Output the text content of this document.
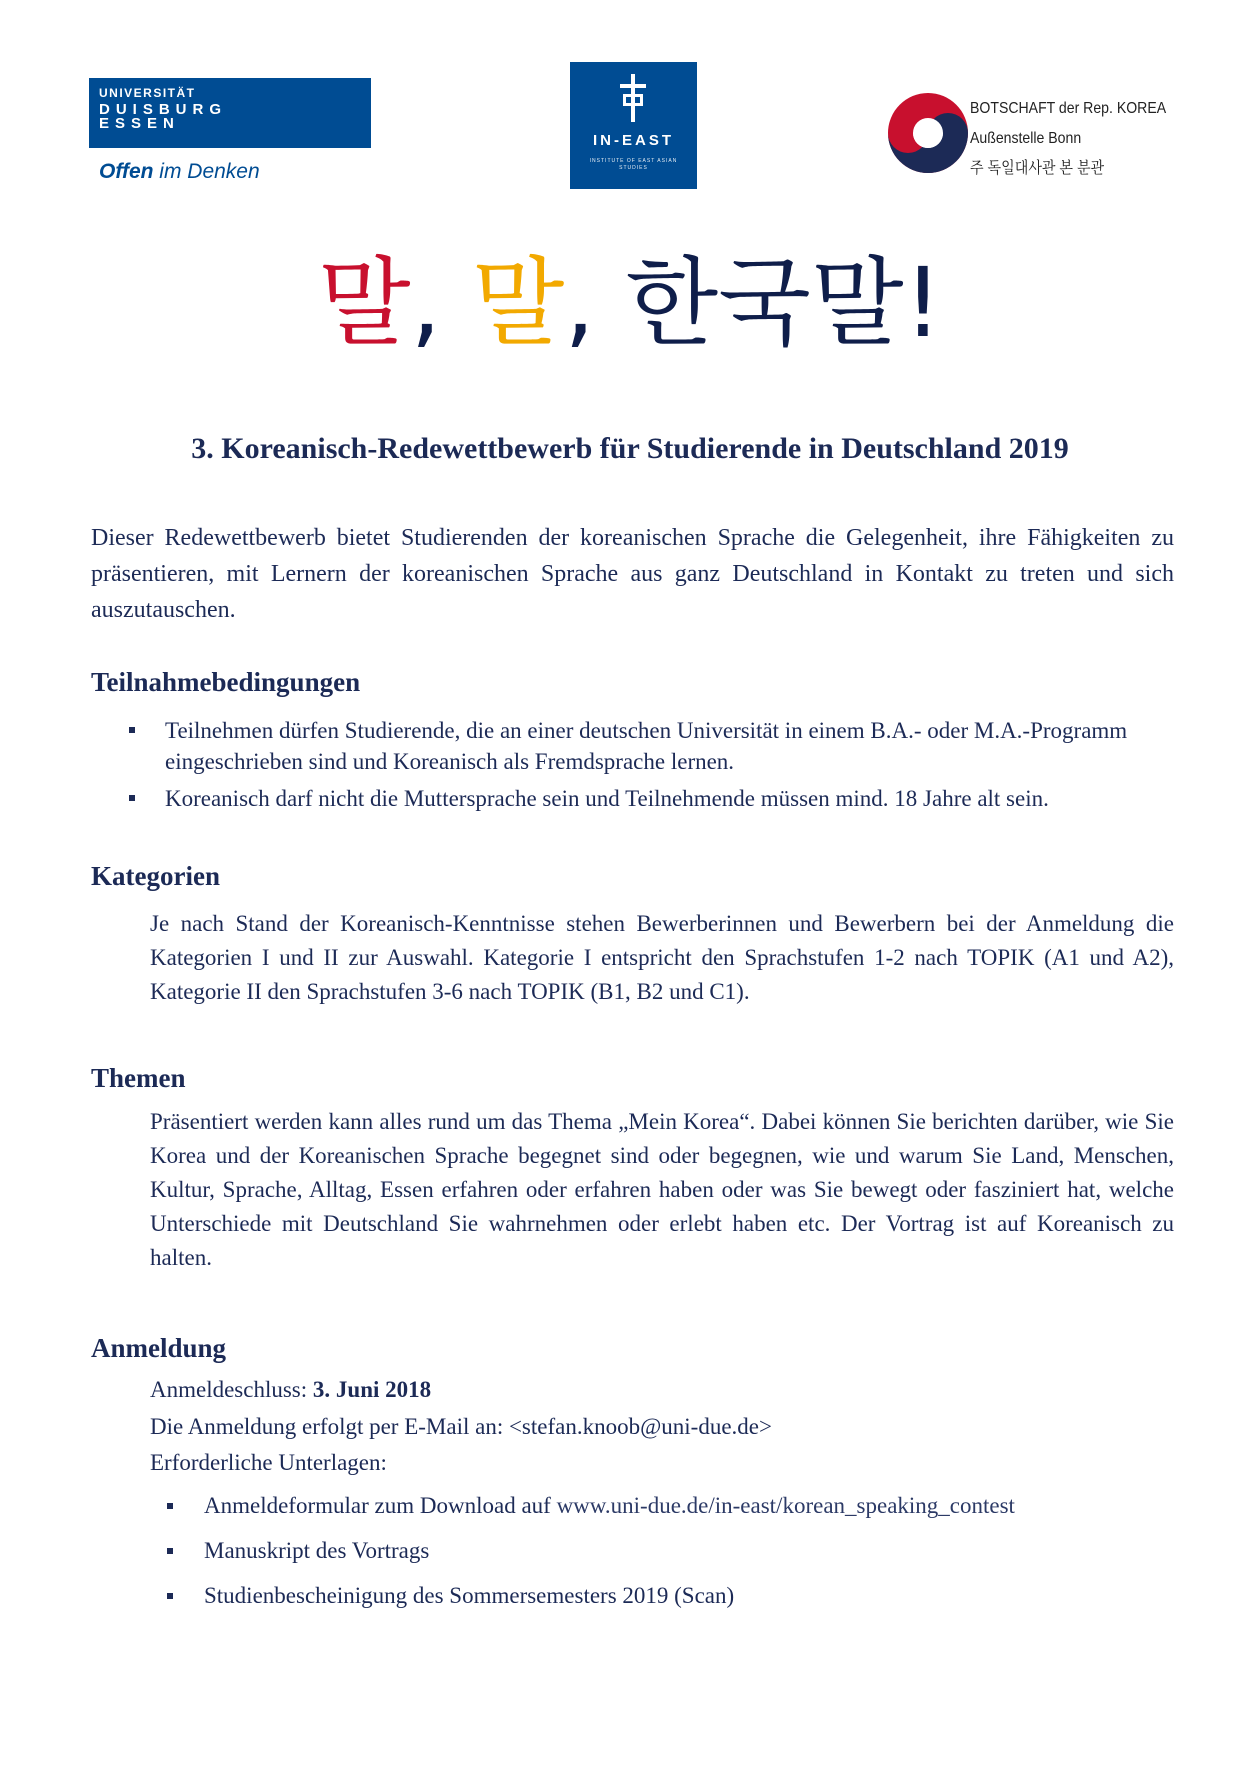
UNIVERSITÄT
DUISBURG
ESSEN
Offen im Denken
IN-EAST
INSTITUTE OF EAST ASIAN STUDIES
BOTSCHAFT der Rep. KOREA
Außenstelle Bonn
주 독일대사관 본 분관
말, 말, 한국말!
3. Koreanisch-Redewettbewerb für Studierende in Deutschland 2019
Dieser Redewettbewerb bietet Studierenden der koreanischen Sprache die Gelegenheit, ihre Fähigkeiten zu präsentieren, mit Lernern der koreanischen Sprache aus ganz Deutschland in Kontakt zu treten und sich auszutauschen.
Teilnahmebedingungen
Teilnehmen dürfen Studierende, die an einer deutschen Universität in einem B.A.- oder M.A.-Programm eingeschrieben sind und Koreanisch als Fremdsprache lernen.
Koreanisch darf nicht die Muttersprache sein und Teilnehmende müssen mind. 18 Jahre alt sein.
Kategorien
Je nach Stand der Koreanisch-Kenntnisse stehen Bewerberinnen und Bewerbern bei der Anmeldung die Kategorien I und II zur Auswahl. Kategorie I entspricht den Sprachstufen 1-2 nach TOPIK (A1 und A2), Kategorie II den Sprachstufen 3-6 nach TOPIK (B1, B2 und C1).
Themen
Präsentiert werden kann alles rund um das Thema „Mein Korea“. Dabei können Sie berichten darüber, wie Sie Korea und der Koreanischen Sprache begegnet sind oder begegnen, wie und warum Sie Land, Menschen, Kultur, Sprache, Alltag, Essen erfahren oder erfahren haben oder was Sie bewegt oder fasziniert hat, welche Unterschiede mit Deutschland Sie wahrnehmen oder erlebt haben etc. Der Vortrag ist auf Koreanisch zu halten.
Anmeldung
Anmeldeschluss: 3. Juni 2018
Die Anmeldung erfolgt per E-Mail an: <stefan.knoob@uni-due.de>
Erforderliche Unterlagen:
Anmeldeformular zum Download auf www.uni-due.de/in-east/korean_speaking_contest
Manuskript des Vortrags
Studienbescheinigung des Sommersemesters 2019 (Scan)
